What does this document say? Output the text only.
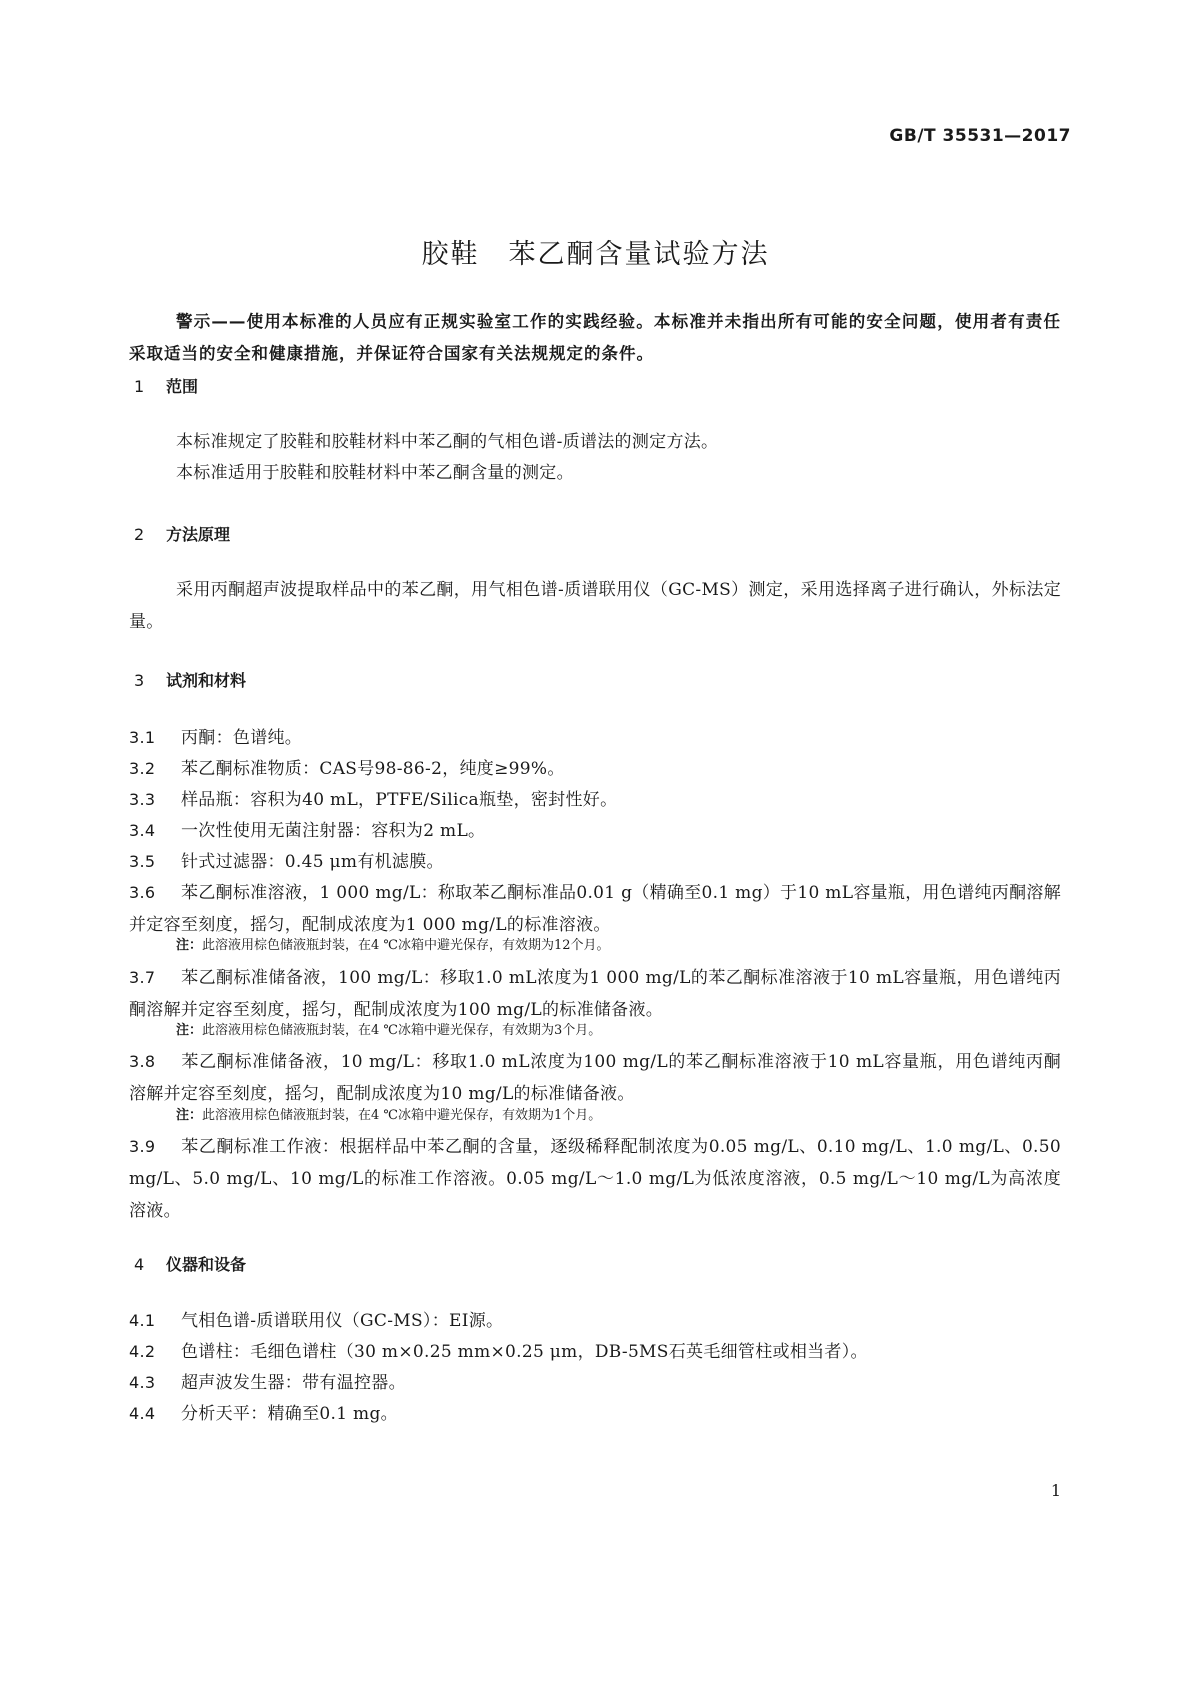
GB/T 35531—2017
胶鞋　苯乙酮含量试验方法
警示——使用本标准的人员应有正规实验室工作的实践经验。本标准并未指出所有可能的安全问题，使用者有责任采取适当的安全和健康措施，并保证符合国家有关法规规定的条件。
1 范围
本标准规定了胶鞋和胶鞋材料中苯乙酮的气相色谱-质谱法的测定方法。
本标准适用于胶鞋和胶鞋材料中苯乙酮含量的测定。
2 方法原理
采用丙酮超声波提取样品中的苯乙酮，用气相色谱-质谱联用仪（GC-MS）测定，采用选择离子进行确认，外标法定量。
3 试剂和材料
3.1 丙酮：色谱纯。
3.2 苯乙酮标准物质：CAS号98-86-2，纯度≥99%。
3.3 样品瓶：容积为40 mL，PTFE/Silica瓶垫，密封性好。
3.4 一次性使用无菌注射器：容积为2 mL。
3.5 针式过滤器：0.45 μm有机滤膜。
3.6 苯乙酮标准溶液，1 000 mg/L：称取苯乙酮标准品0.01 g（精确至0.1 mg）于10 mL容量瓶，用色谱纯丙酮溶解并定容至刻度，摇匀，配制成浓度为1 000 mg/L的标准溶液。
注：此溶液用棕色储液瓶封装，在4 ℃冰箱中避光保存，有效期为12个月。
3.7 苯乙酮标准储备液，100 mg/L：移取1.0 mL浓度为1 000 mg/L的苯乙酮标准溶液于10 mL容量瓶，用色谱纯丙酮溶解并定容至刻度，摇匀，配制成浓度为100 mg/L的标准储备液。
注：此溶液用棕色储液瓶封装，在4 ℃冰箱中避光保存，有效期为3个月。
3.8 苯乙酮标准储备液，10 mg/L：移取1.0 mL浓度为100 mg/L的苯乙酮标准溶液于10 mL容量瓶，用色谱纯丙酮溶解并定容至刻度，摇匀，配制成浓度为10 mg/L的标准储备液。
注：此溶液用棕色储液瓶封装，在4 ℃冰箱中避光保存，有效期为1个月。
3.9 苯乙酮标准工作液：根据样品中苯乙酮的含量，逐级稀释配制浓度为0.05 mg/L、0.10 mg/L、1.0 mg/L、0.50 mg/L、5.0 mg/L、10 mg/L的标准工作溶液。0.05 mg/L～1.0 mg/L为低浓度溶液，0.5 mg/L～10 mg/L为高浓度溶液。
4 仪器和设备
4.1 气相色谱-质谱联用仪（GC-MS）：EI源。
4.2 色谱柱：毛细色谱柱（30 m×0.25 mm×0.25 μm，DB-5MS石英毛细管柱或相当者）。
4.3 超声波发生器：带有温控器。
4.4 分析天平：精确至0.1 mg。
1
